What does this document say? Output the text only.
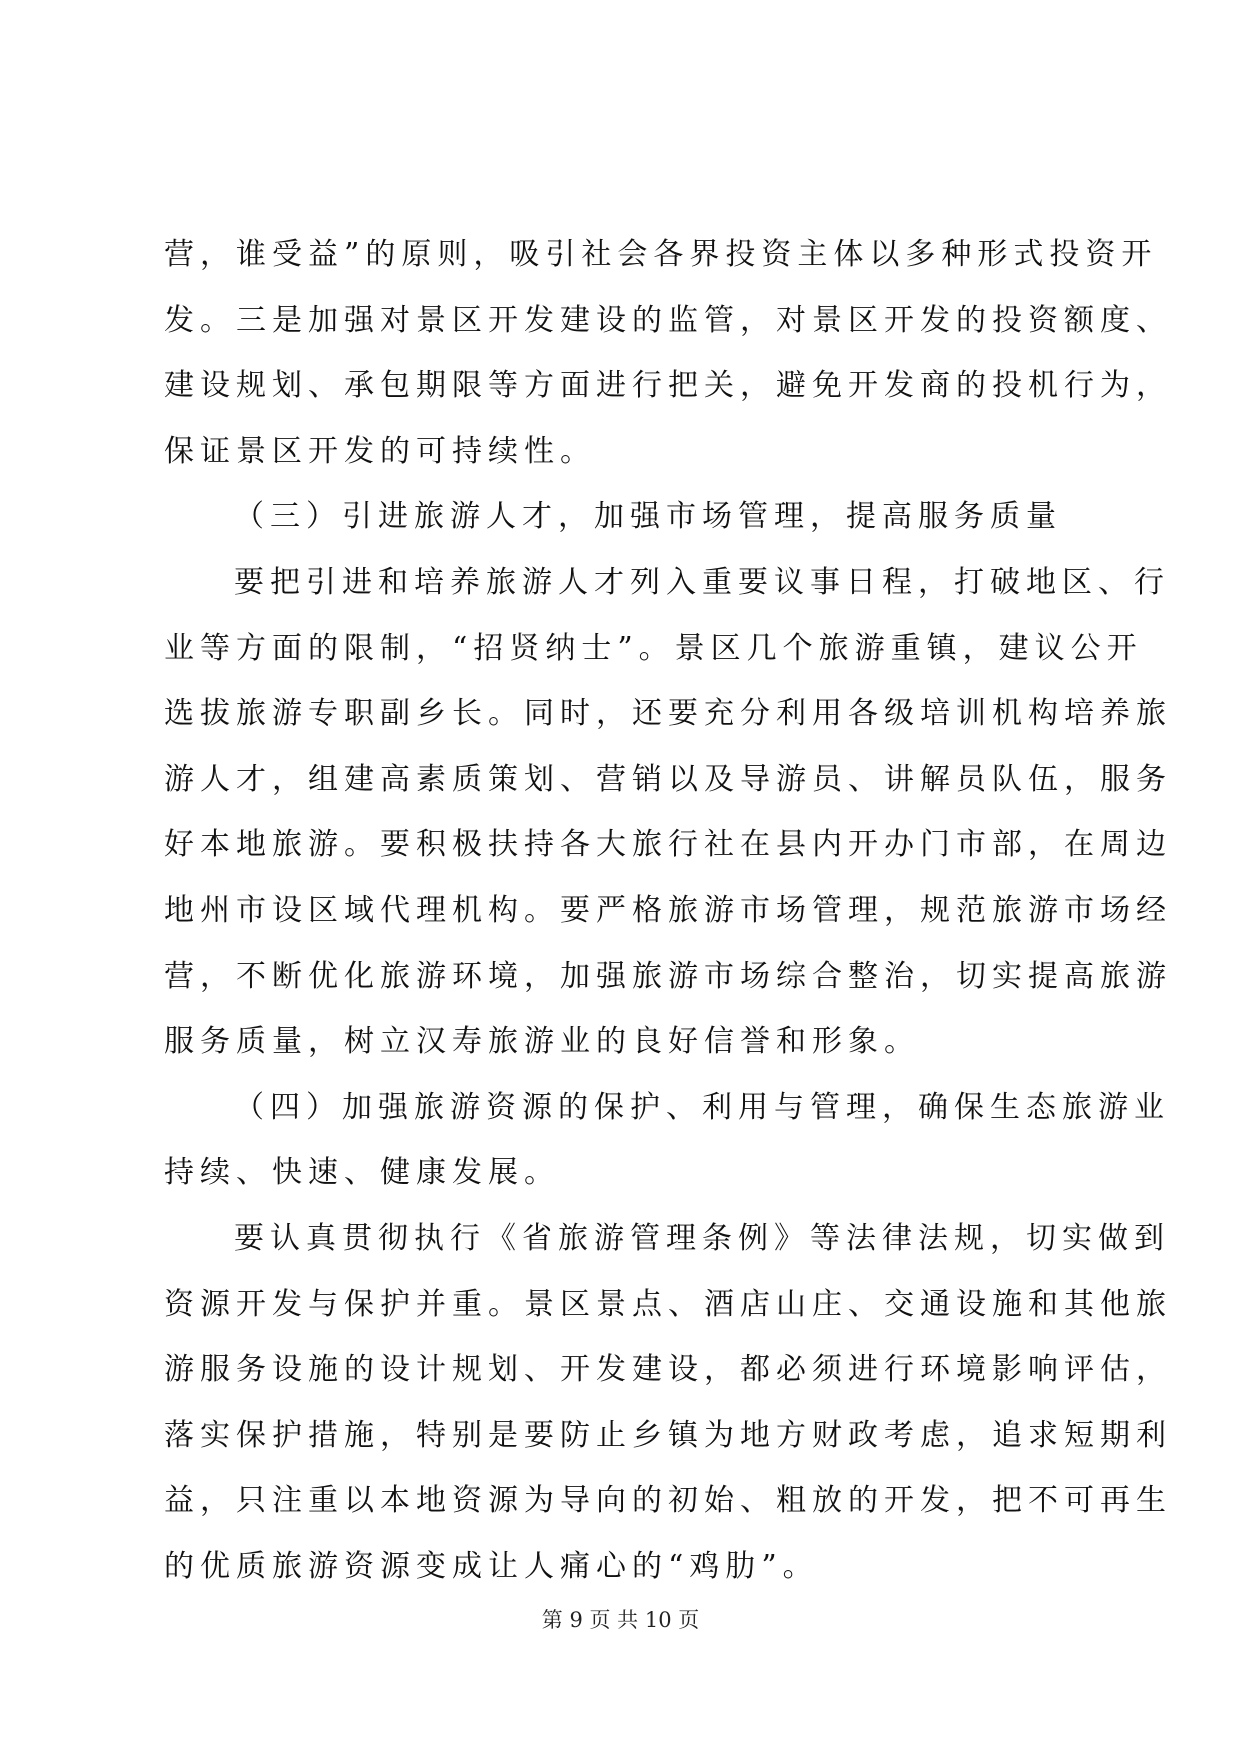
营，谁受益”的原则，吸引社会各界投资主体以多种形式投资开
发。三是加强对景区开发建设的监管，对景区开发的投资额度、
建设规划、承包期限等方面进行把关，避免开发商的投机行为，
保证景区开发的可持续性。
（三）引进旅游人才，加强市场管理，提高服务质量
要把引进和培养旅游人才列入重要议事日程，打破地区、行
业等方面的限制，“招贤纳士”。景区几个旅游重镇，建议公开
选拔旅游专职副乡长。同时，还要充分利用各级培训机构培养旅
游人才，组建高素质策划、营销以及导游员、讲解员队伍，服务
好本地旅游。要积极扶持各大旅行社在县内开办门市部，在周边
地州市设区域代理机构。要严格旅游市场管理，规范旅游市场经
营，不断优化旅游环境，加强旅游市场综合整治，切实提高旅游
服务质量，树立汉寿旅游业的良好信誉和形象。
（四）加强旅游资源的保护、利用与管理，确保生态旅游业
持续、快速、健康发展。
要认真贯彻执行《省旅游管理条例》等法律法规，切实做到
资源开发与保护并重。景区景点、酒店山庄、交通设施和其他旅
游服务设施的设计规划、开发建设，都必须进行环境影响评估，
落实保护措施，特别是要防止乡镇为地方财政考虑，追求短期利
益，只注重以本地资源为导向的初始、粗放的开发，把不可再生
的优质旅游资源变成让人痛心的“鸡肋”。
第 9 页 共 10 页
